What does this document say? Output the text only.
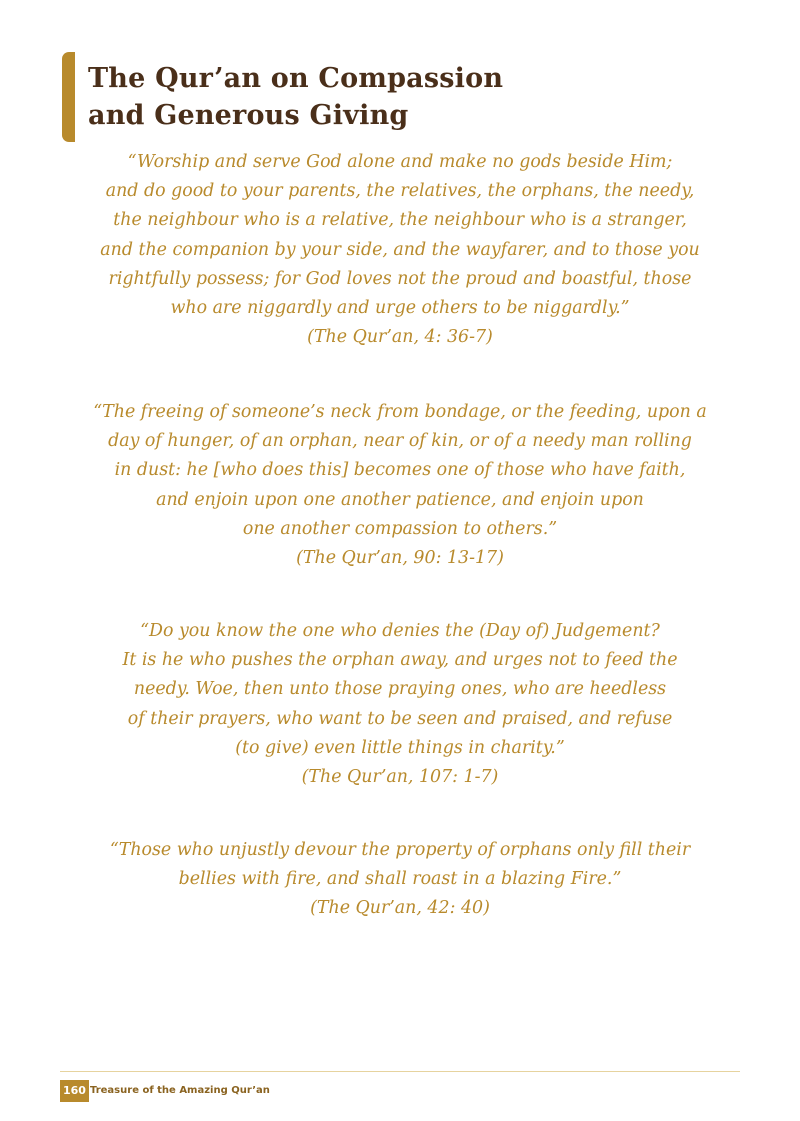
The Qur’an on Compassion
and Generous Giving
“Worship and serve God alone and make no gods beside Him;
and do good to your parents, the relatives, the orphans, the needy,
the neighbour who is a relative, the neighbour who is a stranger,
and the companion by your side, and the wayfarer, and to those you
rightfully possess; for God loves not the proud and boastful, those
who are niggardly and urge others to be niggardly.”
(The Qur’an, 4: 36-7)
“The freeing of someone’s neck from bondage, or the feeding, upon a
day of hunger, of an orphan, near of kin, or of a needy man rolling
in dust: he [who does this] becomes one of those who have faith,
and enjoin upon one another patience, and enjoin upon
one another compassion to others.”
(The Qur’an, 90: 13-17)
“Do you know the one who denies the (Day of) Judgement?
It is he who pushes the orphan away, and urges not to feed the
needy. Woe, then unto those praying ones, who are heedless
of their prayers, who want to be seen and praised, and refuse
(to give) even little things in charity.”
(The Qur’an, 107: 1-7)
“Those who unjustly devour the property of orphans only fill their
bellies with fire, and shall roast in a blazing Fire.”
(The Qur’an, 42: 40)
160 Treasure of the Amazing Qur’an
